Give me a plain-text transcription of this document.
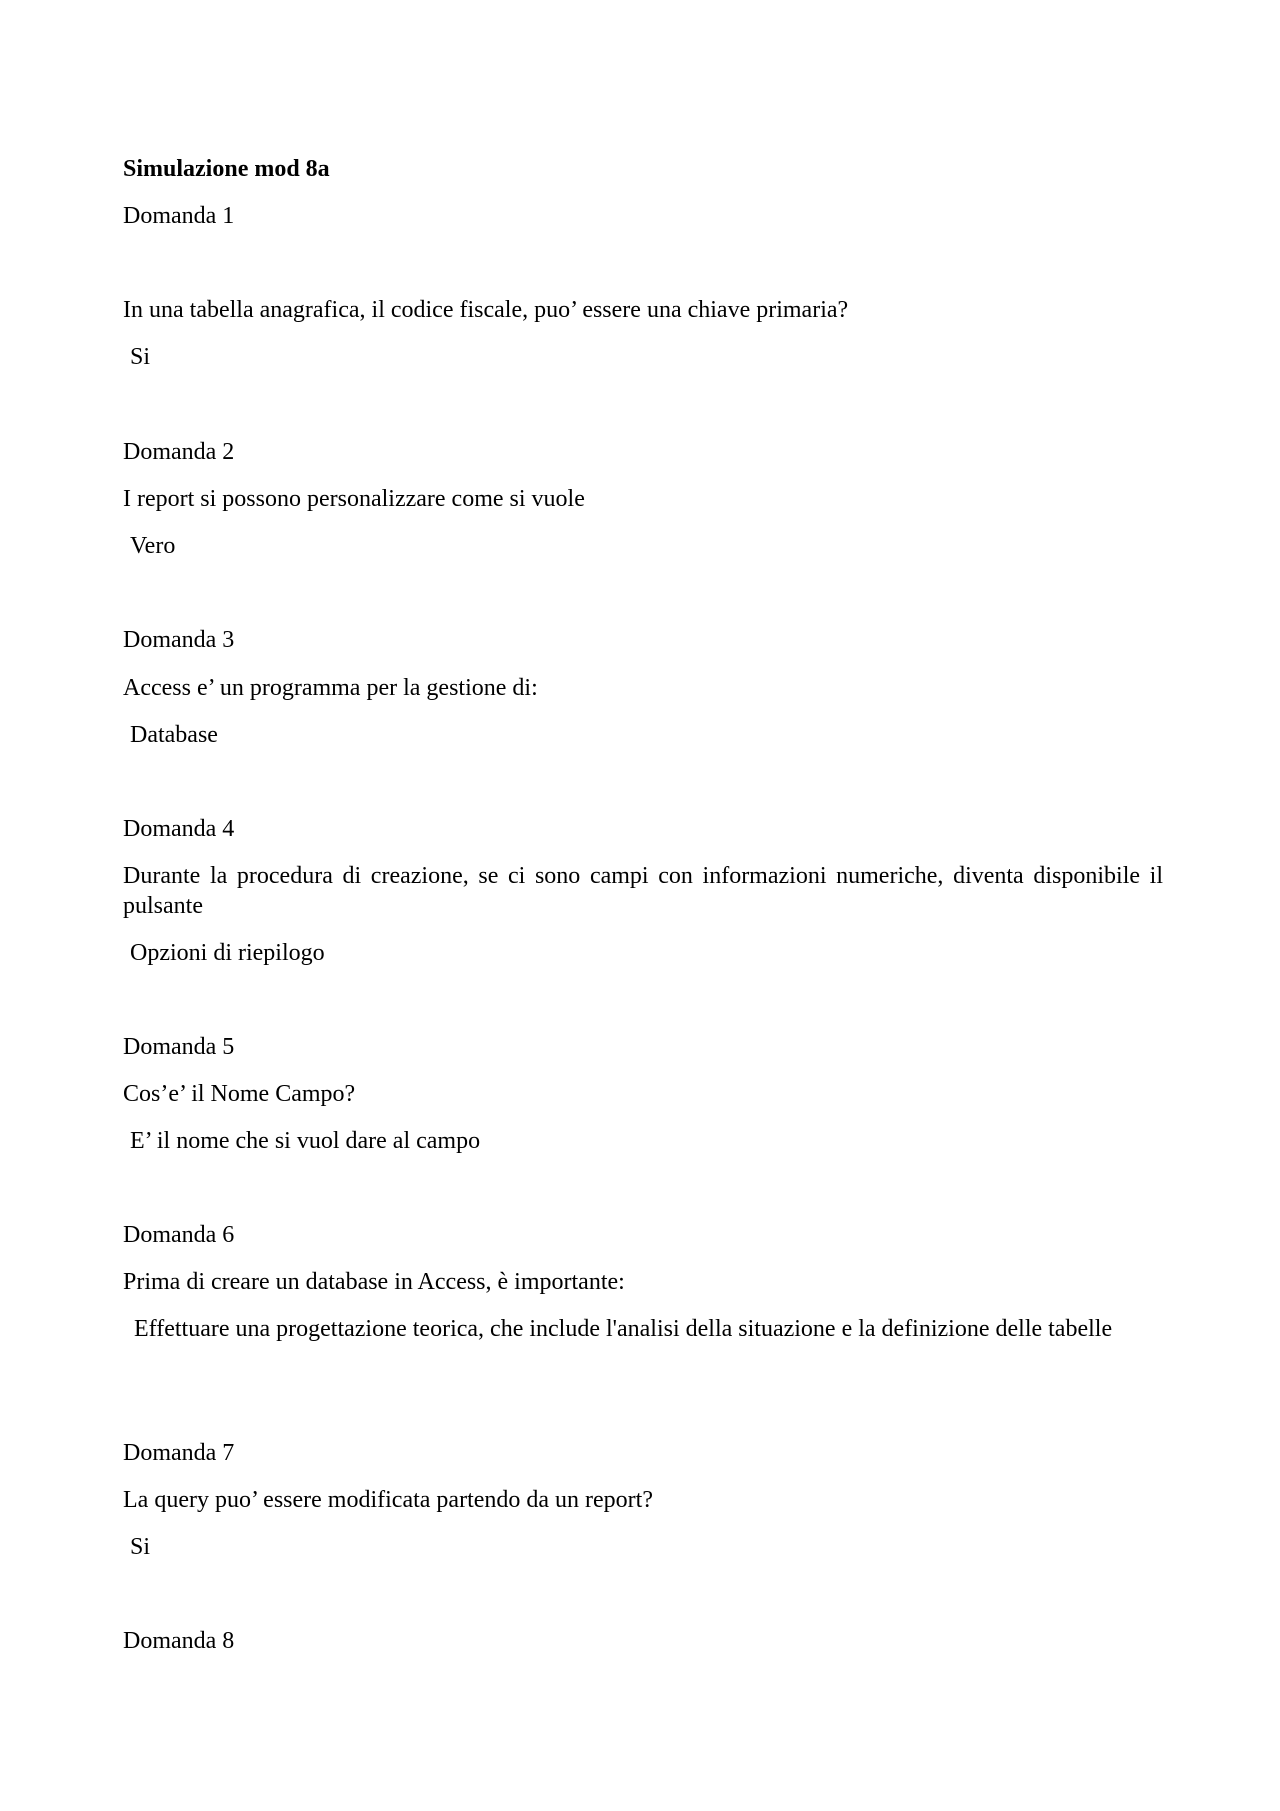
Simulazione mod 8a
Domanda 1
In una tabella anagrafica, il codice fiscale, puo’ essere una chiave primaria?
Si
Domanda 2
I report si possono personalizzare come si vuole
Vero
Domanda 3
Access e’ un programma per la gestione di:
Database
Domanda 4
Durante la procedura di creazione, se ci sono campi con informazioni numeriche, diventa disponibile il pulsante
Opzioni di riepilogo
Domanda 5
Cos’e’ il Nome Campo?
E’ il nome che si vuol dare al campo
Domanda 6
Prima di creare un database in Access, è importante:
Effettuare una progettazione teorica, che include l'analisi della situazione e la definizione delle tabelle
Domanda 7
La query puo’ essere modificata partendo da un report?
Si
Domanda 8
